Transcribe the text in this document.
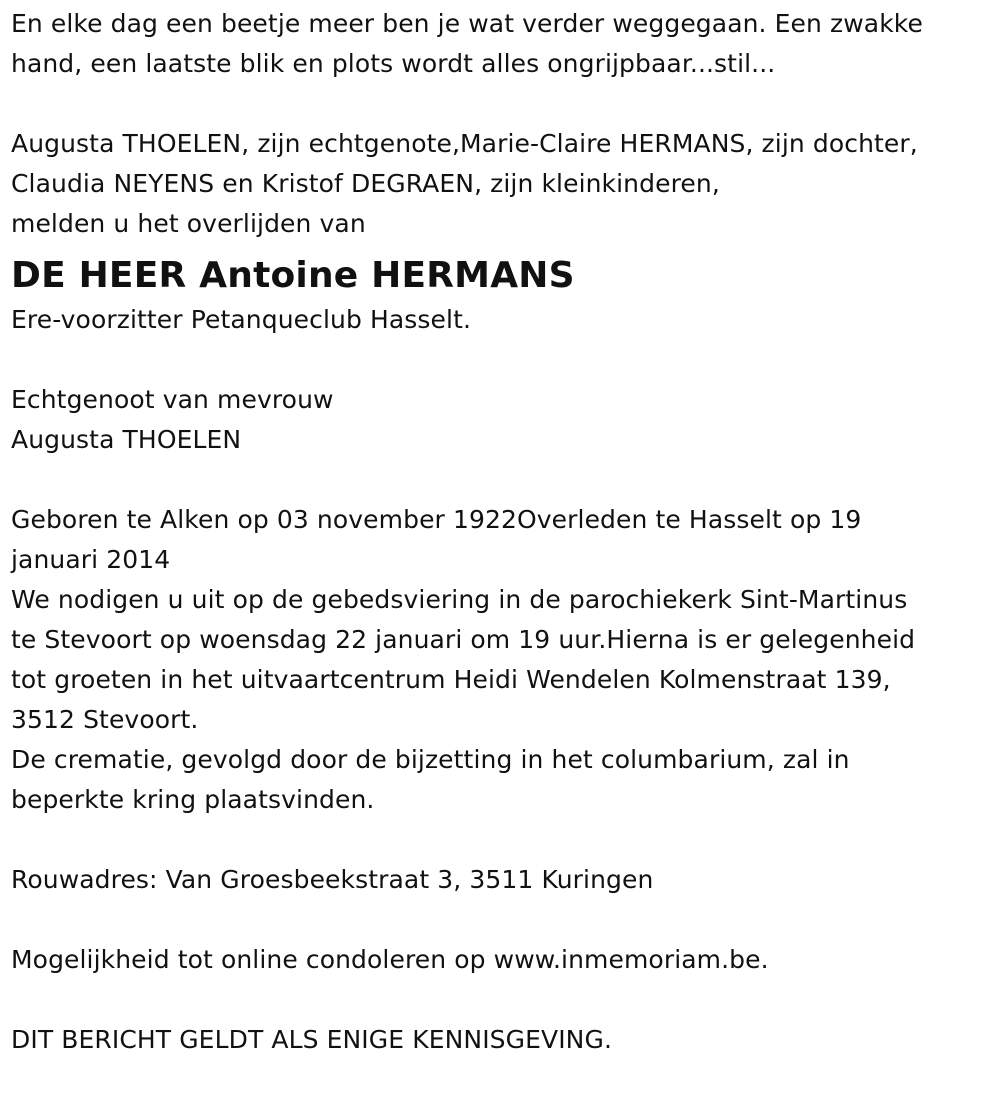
En elke dag een beetje meer ben je wat verder weggegaan. Een zwakke
hand, een laatste blik en plots wordt alles ongrijpbaar...stil...
Augusta THOELEN, zijn echtgenote,Marie-Claire HERMANS, zijn dochter,
Claudia NEYENS en Kristof DEGRAEN, zijn kleinkinderen,
melden u het overlijden van
DE HEER Antoine HERMANS
Ere-voorzitter Petanqueclub Hasselt.
Echtgenoot van mevrouw
Augusta THOELEN
Geboren te Alken op 03 november 1922Overleden te Hasselt op 19
januari 2014
We nodigen u uit op de gebedsviering in de parochiekerk Sint-Martinus
te Stevoort op woensdag 22 januari om 19 uur.Hierna is er gelegenheid
tot groeten in het uitvaartcentrum Heidi Wendelen Kolmenstraat 139,
3512 Stevoort.
De crematie, gevolgd door de bijzetting in het columbarium, zal in
beperkte kring plaatsvinden.
Rouwadres: Van Groesbeekstraat 3, 3511 Kuringen
Mogelijkheid tot online condoleren op www.inmemoriam.be.
DIT BERICHT GELDT ALS ENIGE KENNISGEVING.
